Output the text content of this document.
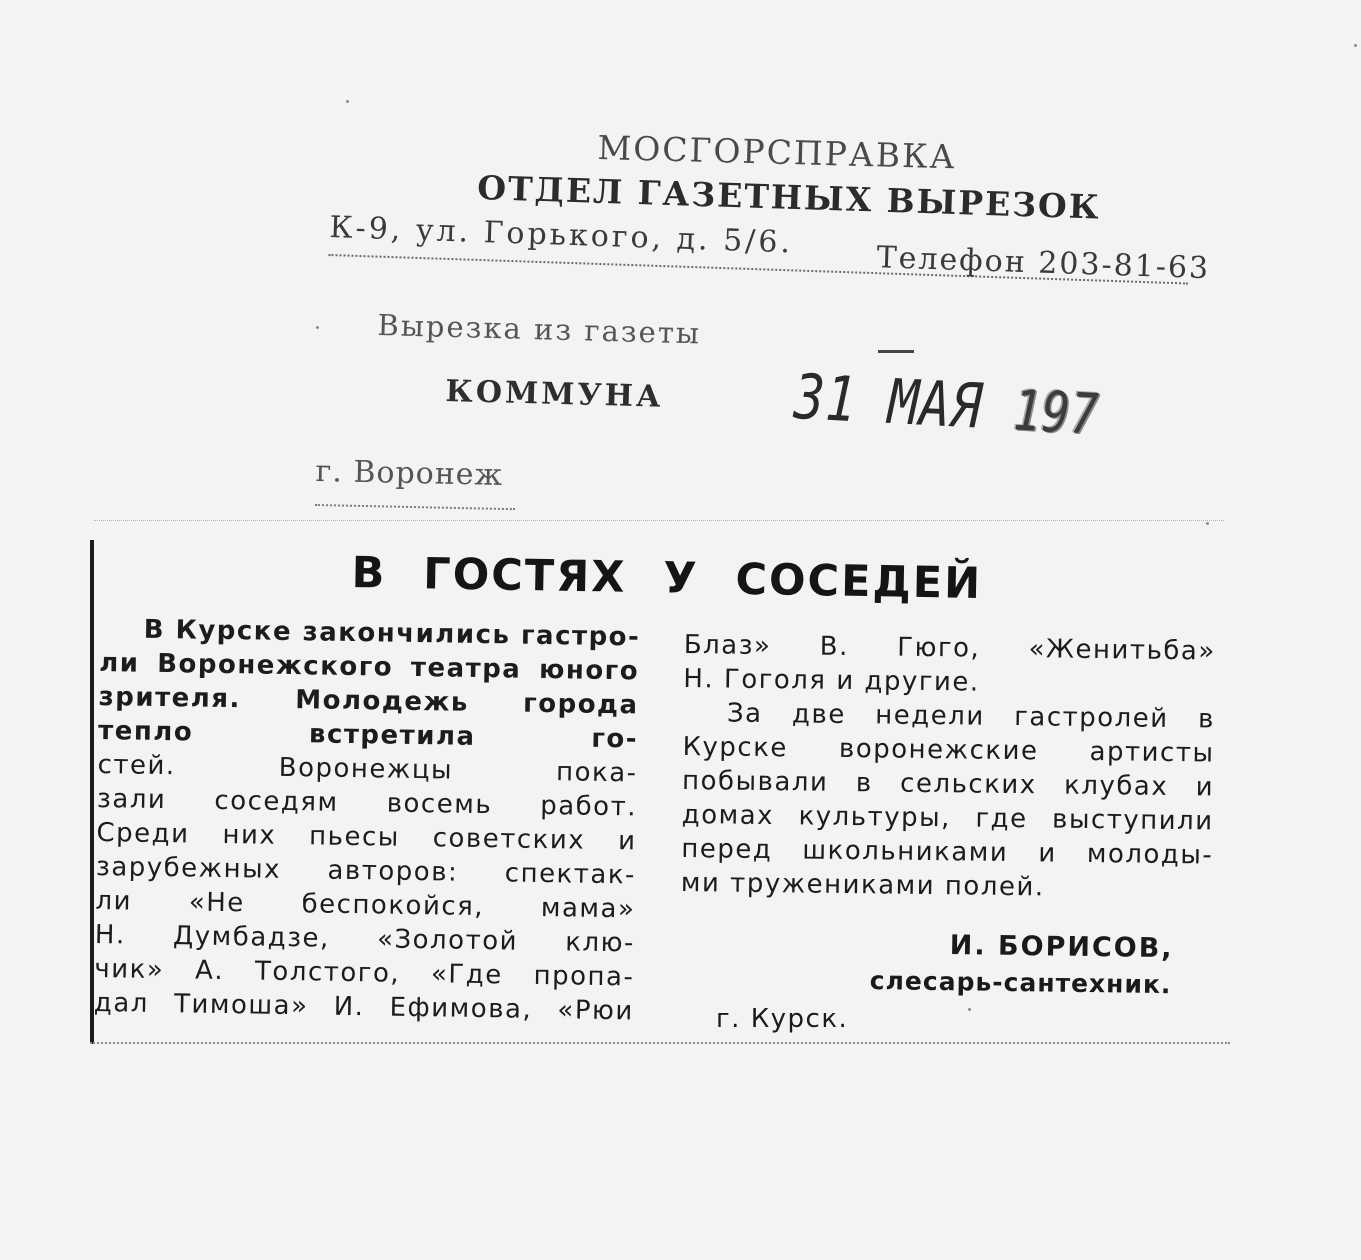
МОСГОРСПРАВКА
ОТДЕЛ ГАЗЕТНЫХ ВЫРЕЗОК
К-9, ул. Горького, д. 5/6.
Телефон 203-81-63
Вырезка из газеты
КОММУНА
г. Воронеж
31 МАЯ 197
В ГОСТЯХ У СОСЕДЕЙ
В Курске закончились гастро-
ли Воронежского театра юного
зрителя. Молодежь города
тепло встретила го-
стей. Воронежцы пока-
зали соседям восемь работ.
Среди них пьесы советских и
зарубежных авторов: спектак-
ли «Не беспокойся, мама»
Н. Думбадзе, «Золотой клю-
чик» А. Толстого, «Где пропа-
дал Тимоша» И. Ефимова, «Рюи
Блаз» В. Гюго, «Женитьба»
Н. Гоголя и другие.
За две недели гастролей в
Курске воронежские артисты
побывали в сельских клубах и
домах культуры, где выступили
перед школьниками и молоды-
ми тружениками полей.
И. БОРИСОВ,
слесарь-сантехник.
г. Курск.
